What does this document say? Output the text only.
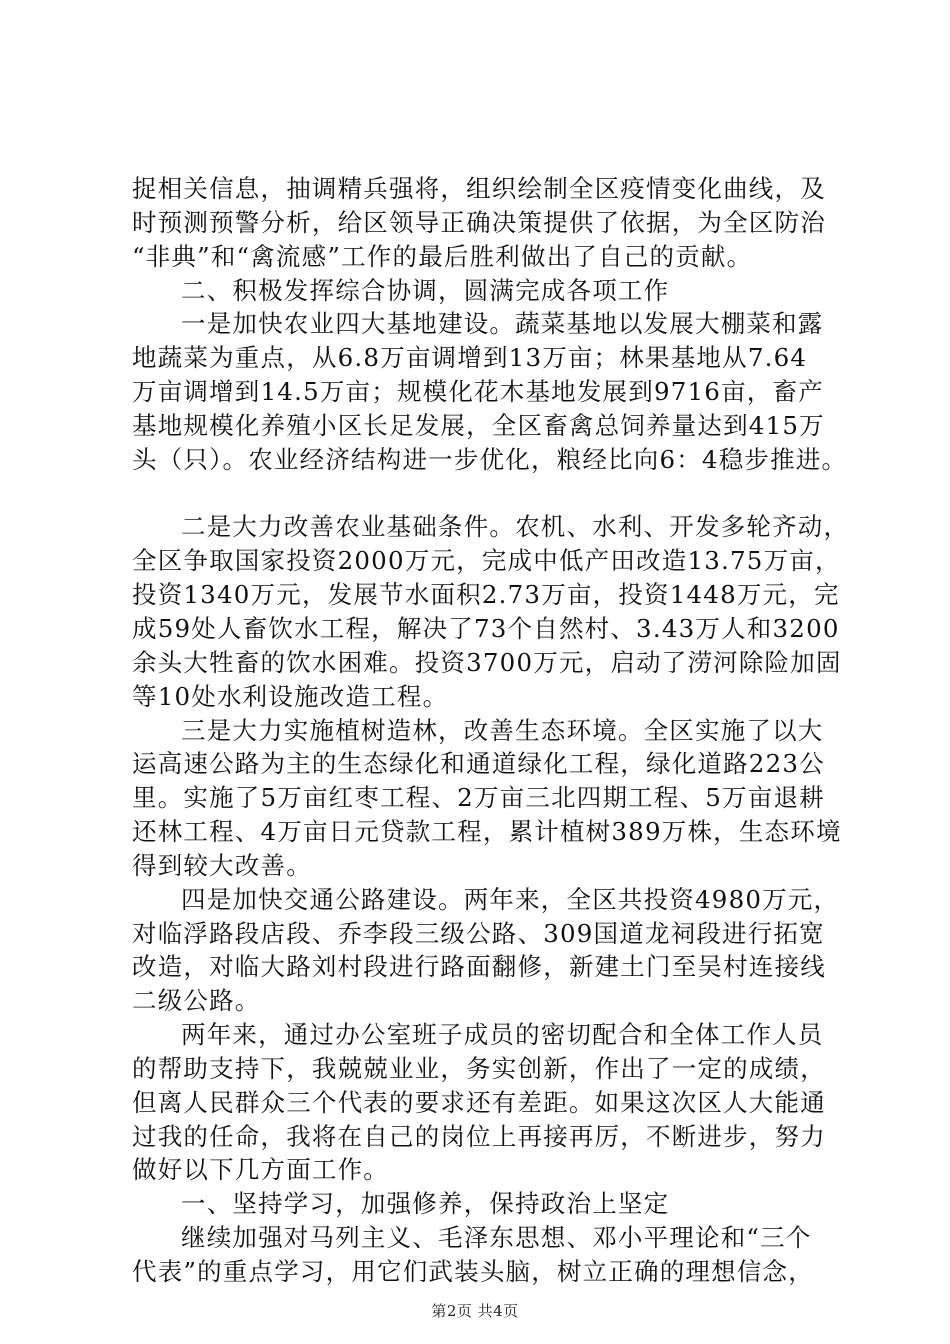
捉相关信息，抽调精兵强将，组织绘制全区疫情变化曲线，及
时预测预警分析，给区领导正确决策提供了依据，为全区防治
“非典”和“禽流感”工作的最后胜利做出了自己的贡献。
二、积极发挥综合协调，圆满完成各项工作
一是加快农业四大基地建设。蔬菜基地以发展大棚菜和露
地蔬菜为重点，从6.8万亩调增到13万亩；林果基地从7.64
万亩调增到14.5万亩；规模化花木基地发展到9716亩，畜产
基地规模化养殖小区长足发展，全区畜禽总饲养量达到415万
头（只）。农业经济结构进一步优化，粮经比向6：4稳步推进。
二是大力改善农业基础条件。农机、水利、开发多轮齐动，
全区争取国家投资2000万元，完成中低产田改造13.75万亩，
投资1340万元，发展节水面积2.73万亩，投资1448万元，完
成59处人畜饮水工程，解决了73个自然村、3.43万人和3200
余头大牲畜的饮水困难。投资3700万元，启动了涝河除险加固
等10处水利设施改造工程。
三是大力实施植树造林，改善生态环境。全区实施了以大
运高速公路为主的生态绿化和通道绿化工程，绿化道路223公
里。实施了5万亩红枣工程、2万亩三北四期工程、5万亩退耕
还林工程、4万亩日元贷款工程，累计植树389万株，生态环境
得到较大改善。
四是加快交通公路建设。两年来，全区共投资4980万元，
对临浮路段店段、乔李段三级公路、309国道龙祠段进行拓宽
改造，对临大路刘村段进行路面翻修，新建土门至吴村连接线
二级公路。
两年来，通过办公室班子成员的密切配合和全体工作人员
的帮助支持下，我兢兢业业，务实创新，作出了一定的成绩，
但离人民群众三个代表的要求还有差距。如果这次区人大能通
过我的任命，我将在自己的岗位上再接再厉，不断进步，努力
做好以下几方面工作。
一、坚持学习，加强修养，保持政治上坚定
继续加强对马列主义、毛泽东思想、邓小平理论和“三个
代表”的重点学习，用它们武装头脑，树立正确的理想信念，
第2页 共4页
